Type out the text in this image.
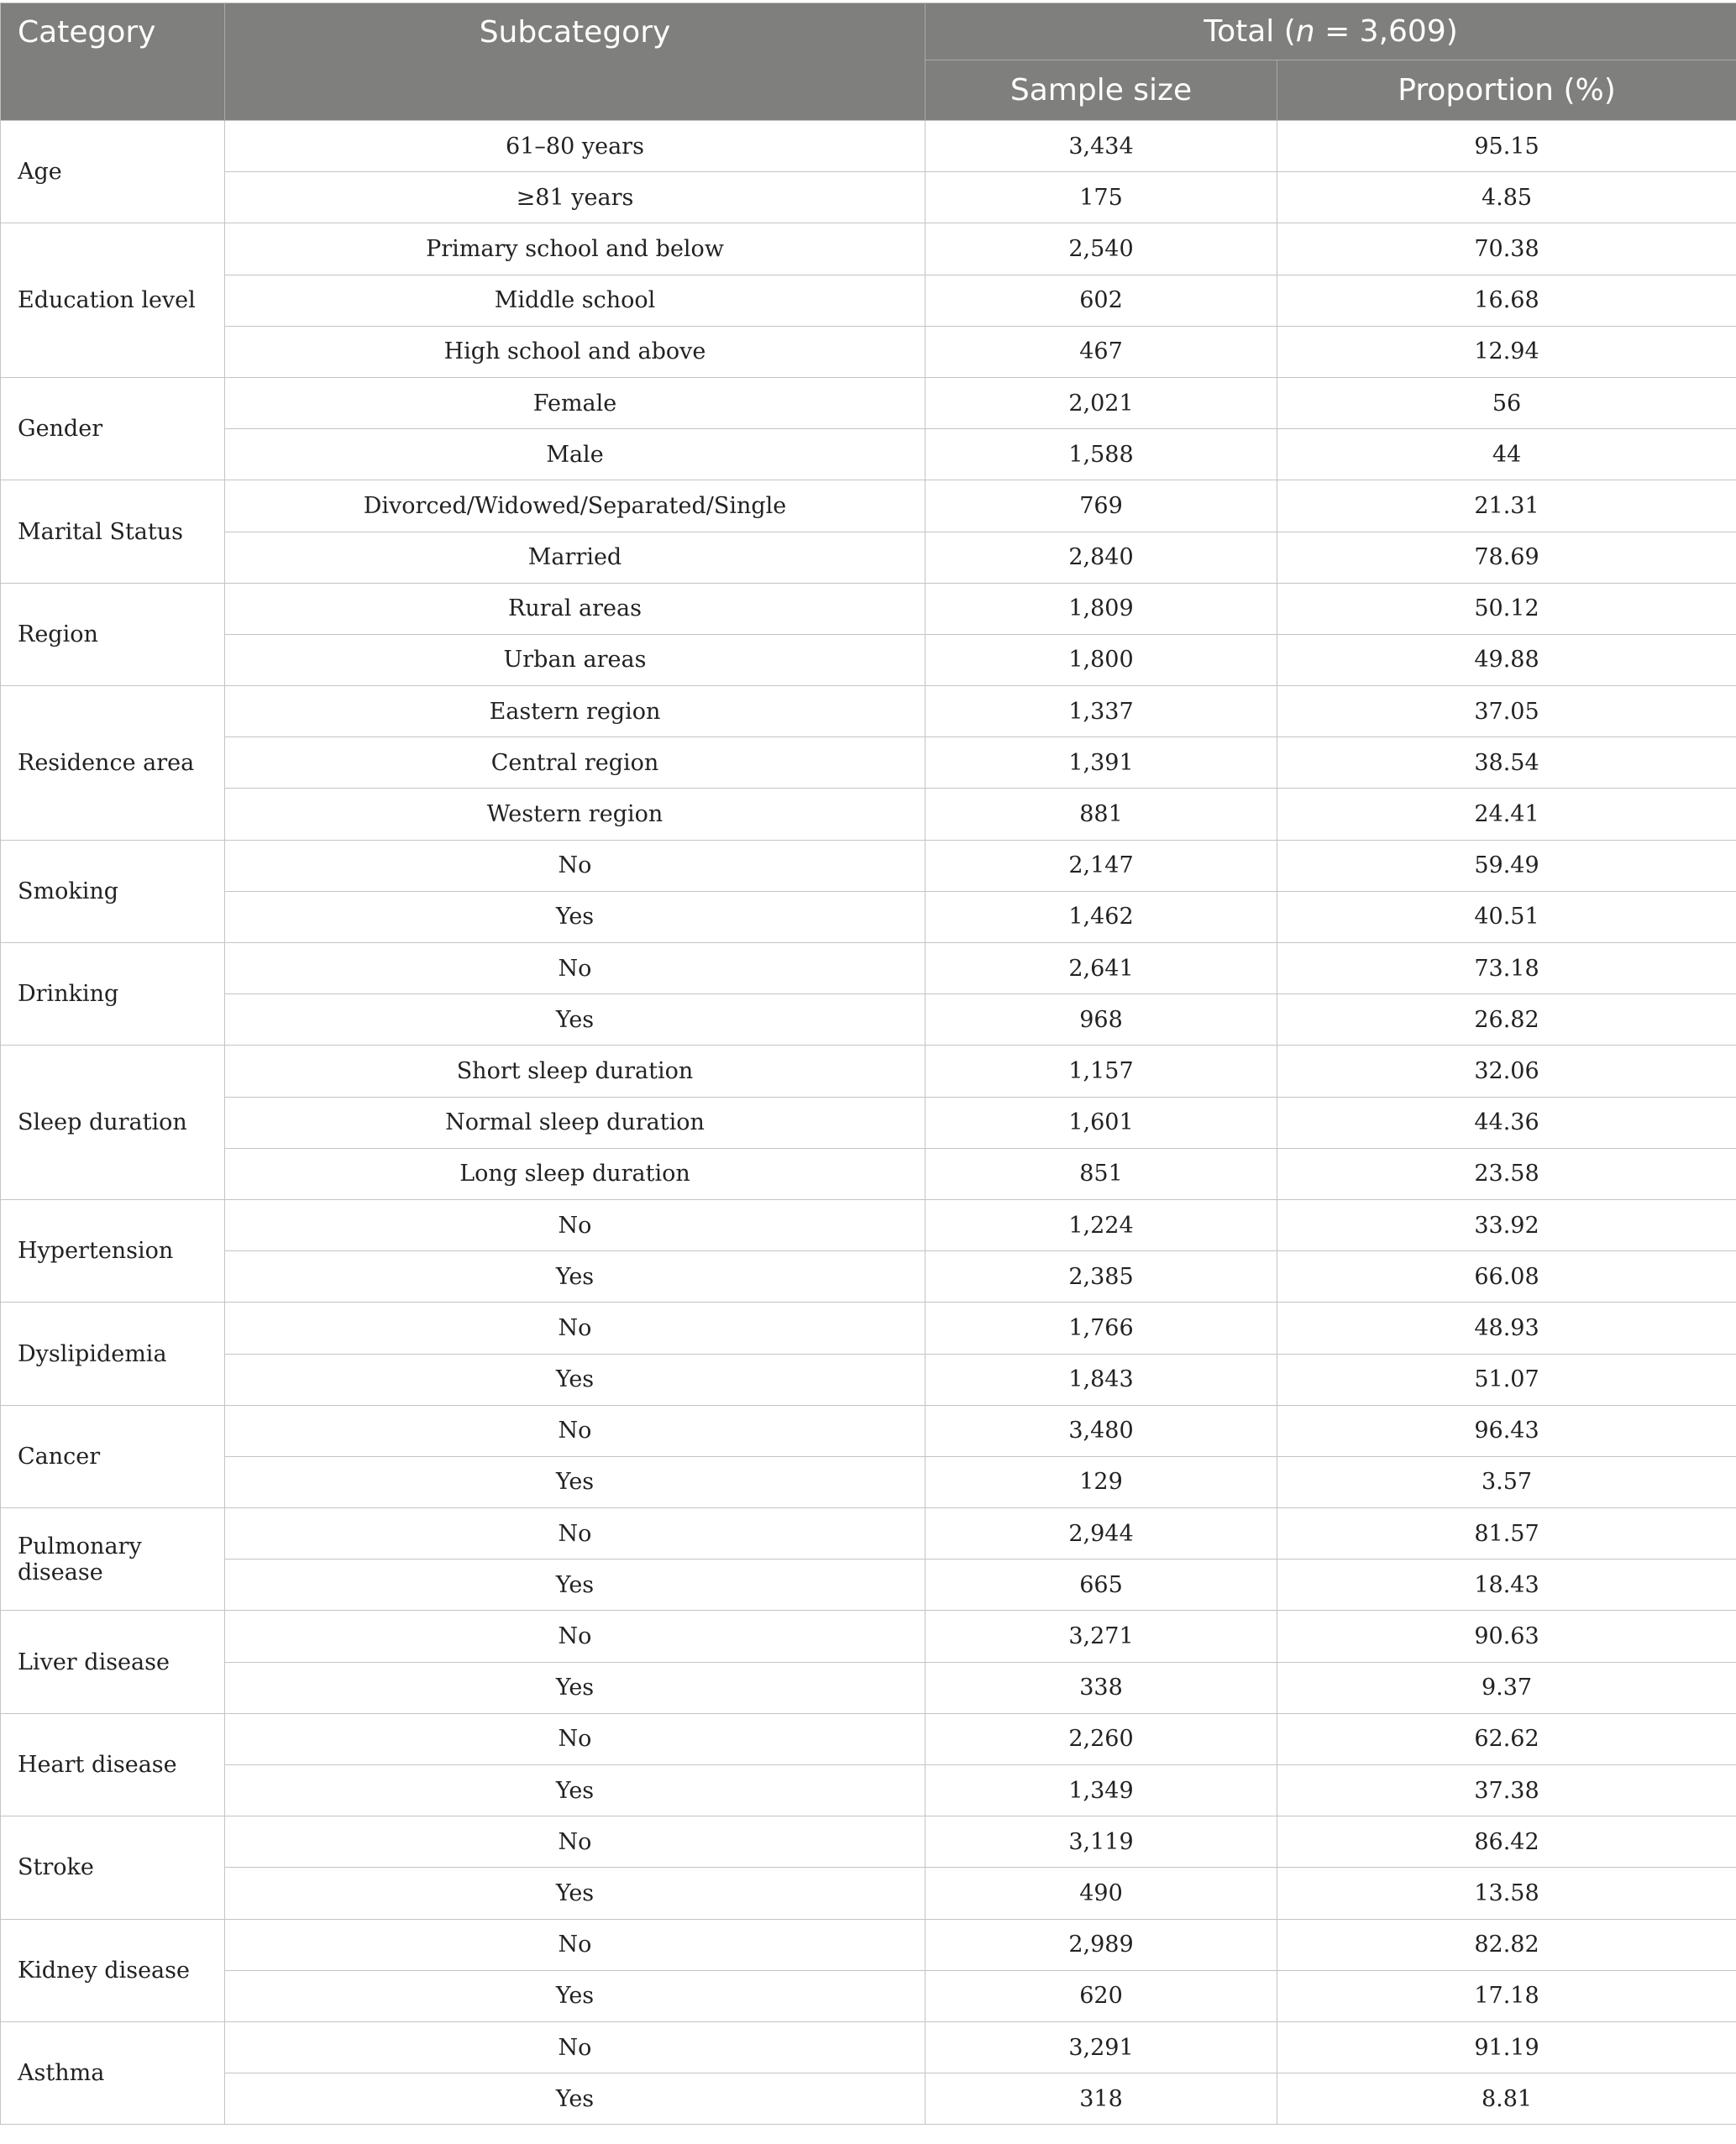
Category	Subcategory	Total (n = 3,609)	
		Sample size	Proportion (%)
Age	61–80 years	3,434	95.15
	≥81 years	175	4.85
Education level	Primary school and below	2,540	70.38
	Middle school	602	16.68
	High school and above	467	12.94
Gender	Female	2,021	56
	Male	1,588	44
Marital Status	Divorced/Widowed/Separated/Single	769	21.31
	Married	2,840	78.69
Region	Rural areas	1,809	50.12
	Urban areas	1,800	49.88
Residence area	Eastern region	1,337	37.05
	Central region	1,391	38.54
	Western region	881	24.41
Smoking	No	2,147	59.49
	Yes	1,462	40.51
Drinking	No	2,641	73.18
	Yes	968	26.82
Sleep duration	Short sleep duration	1,157	32.06
	Normal sleep duration	1,601	44.36
	Long sleep duration	851	23.58
Hypertension	No	1,224	33.92
	Yes	2,385	66.08
Dyslipidemia	No	1,766	48.93
	Yes	1,843	51.07
Cancer	No	3,480	96.43
	Yes	129	3.57
Pulmonary disease	No	2,944	81.57
	Yes	665	18.43
Liver disease	No	3,271	90.63
	Yes	338	9.37
Heart disease	No	2,260	62.62
	Yes	1,349	37.38
Stroke	No	3,119	86.42
	Yes	490	13.58
Kidney disease	No	2,989	82.82
	Yes	620	17.18
Asthma	No	3,291	91.19
	Yes	318	8.81
